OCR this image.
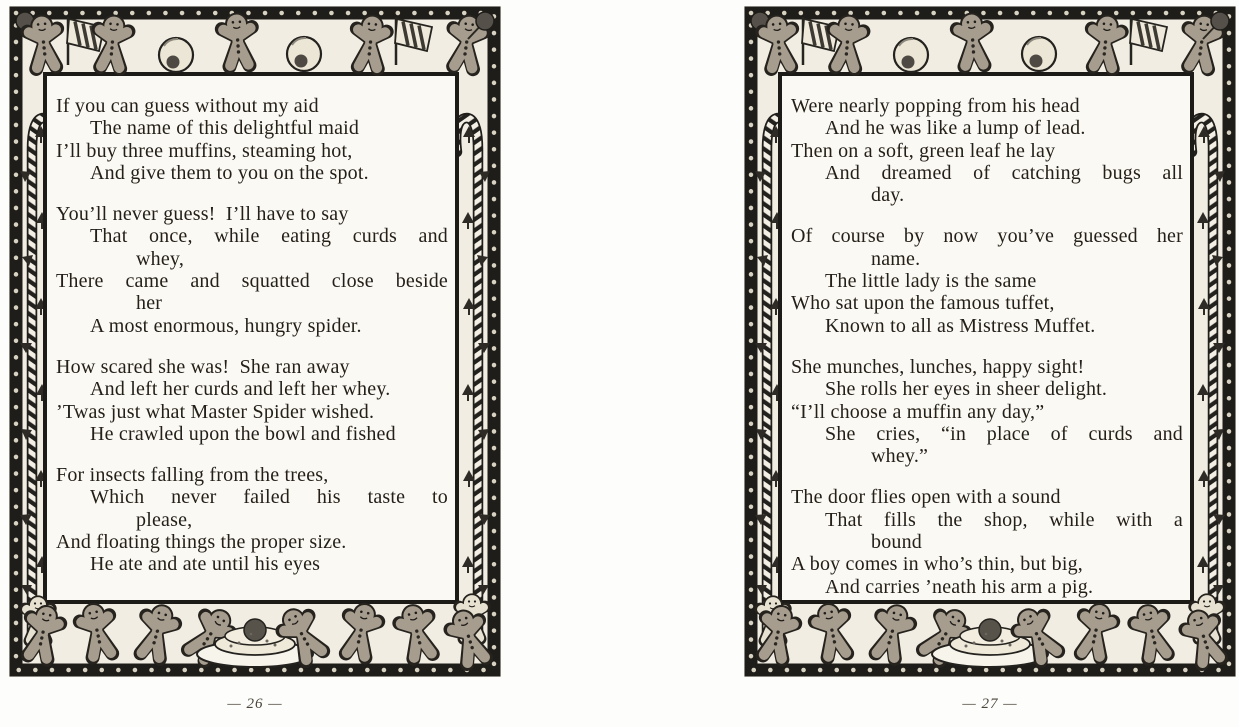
If you can guess without my aid
The name of this delightful maid
I’ll buy three muffins, steaming hot,
And give them to you on the spot.
You’ll never guess!  I’ll have to say
That once, while eating curds and
whey,
There came and squatted close beside
her
A most enormous, hungry spider.
How scared she was!  She ran away
And left her curds and left her whey.
’Twas just what Master Spider wished.
He crawled upon the bowl and fished
For insects falling from the trees,
Which never failed his taste to
please,
And floating things the proper size.
He ate and ate until his eyes
— 26 —
Were nearly popping from his head
And he was like a lump of lead.
Then on a soft, green leaf he lay
And dreamed of catching bugs all
day.
Of course by now you’ve guessed her
name.
The little lady is the same
Who sat upon the famous tuffet,
Known to all as Mistress Muffet.
She munches, lunches, happy sight!
She rolls her eyes in sheer delight.
“I’ll choose a muffin any day,”
She cries, “in place of curds and
whey.”
The door flies open with a sound
That fills the shop, while with a
bound
A boy comes in who’s thin, but big,
And carries ’neath his arm a pig.
— 27 —
